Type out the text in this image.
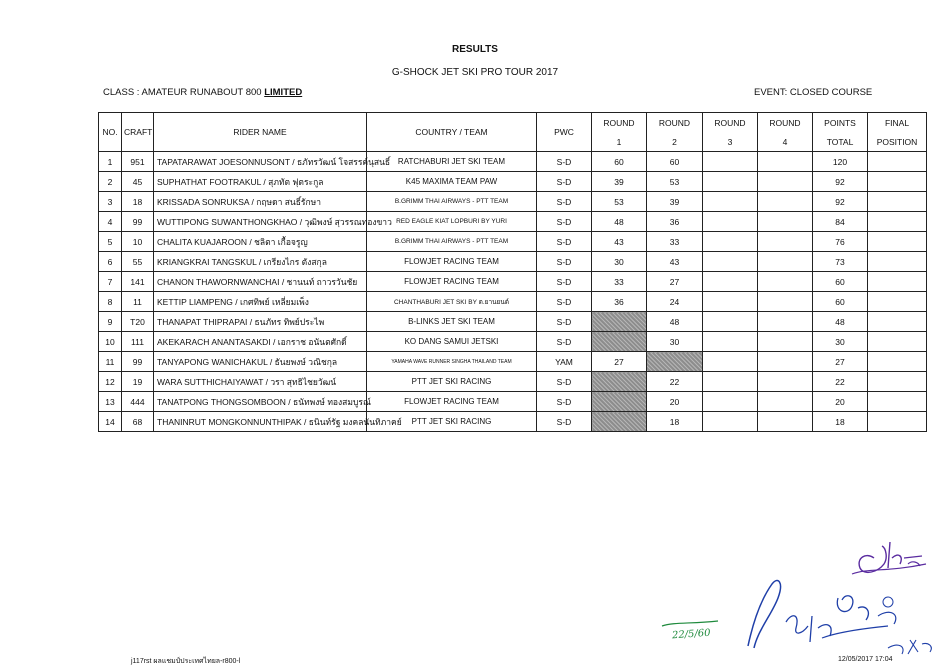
RESULTS
G-SHOCK JET SKI PRO TOUR 2017
CLASS : AMATEUR RUNABOUT 800 LIMITED	EVENT: CLOSED COURSE
NO.	CRAFT	RIDER NAME	COUNTRY / TEAM	PWC	ROUND	ROUND	ROUND	ROUND	POINTS	FINAL
					1	2	3	4	TOTAL	POSITION
1	951	TAPATARAWAT JOESONNUSONT / ธภัทรวัฒน์ โจสรรค์นุสนธิ์	RATCHABURI JET SKI TEAM	S-D	60	60			120	
2	45	SUPHATHAT FOOTRAKUL / สุภทัต ฟุตระกูล	K45 MAXIMA TEAM PAW	S-D	39	53			92	
3	18	KRISSADA SONRUKSA / กฤษดา สนธิ์รักษา	B.GRIMM THAI AIRWAYS - PTT TEAM	S-D	53	39			92	
4	99	WUTTIPONG SUWANTHONGKHAO / วุฒิพงษ์ สุวรรณทองขาว	RED EAGLE KIAT LOPBURI BY YURI	S-D	48	36			84	
5	10	CHALITA KUAJAROON / ชลิตา เกื้อจรูญ	B.GRIMM THAI AIRWAYS - PTT TEAM	S-D	43	33			76	
6	55	KRIANGKRAI TANGSKUL / เกรียงไกร ตังสกุล	FLOWJET RACING TEAM	S-D	30	43			73	
7	141	CHANON THAWORNWANCHAI / ชานนท์ ถาวรวันชัย	FLOWJET RACING TEAM	S-D	33	27			60	
8	11	KETTIP LIAMPENG / เกศทิพย์ เหลี่ยมเพ็ง	CHANTHABURI JET SKI BY ต.ยานยนต์	S-D	36	24			60	
9	T20	THANAPAT THIPRAPAI / ธนภัทร ทิพย์ประไพ	B-LINKS JET SKI TEAM	S-D		48			48	
10	111	AKEKARACH ANANTASAKDI / เอกราช อนันตศักดิ์	KO DANG SAMUI JETSKI	S-D		30			30	
11	99	TANYAPONG WANICHAKUL / ธันยพงษ์ วณิชกุล	YAMAHA WAVE RUNNER SINGHA THAILAND TEAM	YAM	27				27	
12	19	WARA SUTTHICHAIYAWAT / วรา สุทธิไชยวัฒน์	PTT JET SKI RACING	S-D		22			22	
13	444	TANATPONG THONGSOMBOON / ธนัทพงษ์ ทองสมบูรณ์	FLOWJET RACING TEAM	S-D		20			20	
14	68	THANINRUT MONGKONNUNTHIPAK / ธนินท์รัฐ มงคลนันทิภาคย์	PTT JET SKI RACING	S-D		18			18	
22/5/60
j117rst ผลแชมป์ประเทศไทยล-r800-l	12/05/2017 17:04
